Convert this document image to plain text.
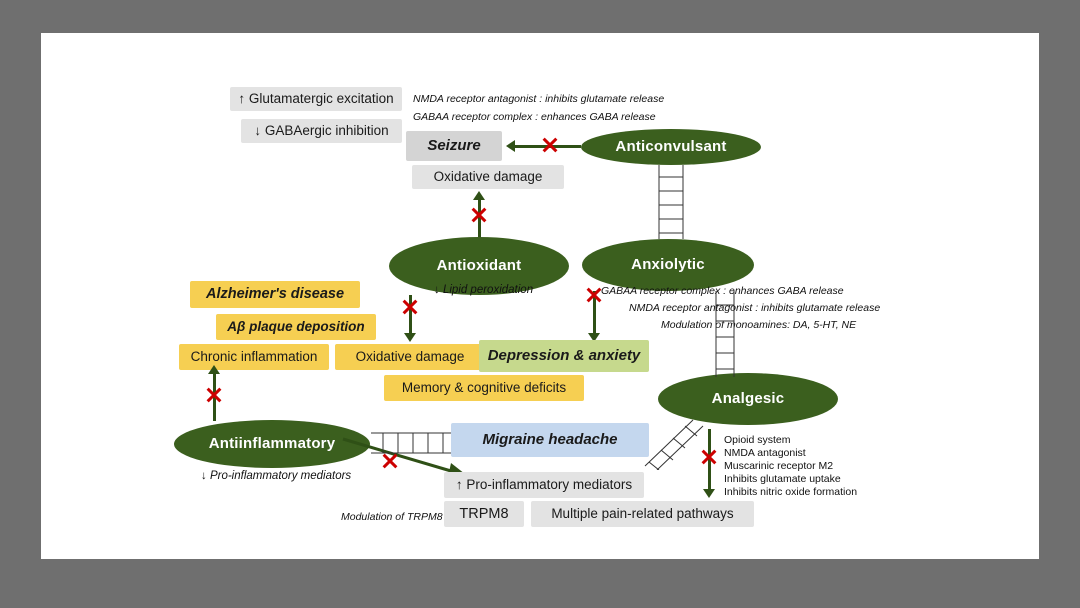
↑ Glutamatergic excitation
↓ GABAergic inhibition
NMDA receptor antagonist : inhibits glutamate release
GABAA receptor complex : enhances GABA release
Seizure	Anticonvulsant
Oxidative damage
Antioxidant	Anxiolytic
GABAA receptor complex : enhances GABA release
NMDA receptor antagonist : inhibits glutamate release
Modulation of monoamines: DA, 5-HT, NE
↓ Lipid peroxidation
Alzheimer's disease
Aβ plaque deposition
Chronic inflammation	Oxidative damage	Depression & anxiety
Memory & cognitive deficits
Antiinflammatory
↓ Pro-inflammatory mediators
Migraine headache
↑ Pro-inflammatory mediators
Modulation of TRPM8	TRPM8	Multiple pain-related pathways
Analgesic
Opioid system
NMDA antagonist
Muscarinic receptor M2
Inhibits glutamate uptake
Inhibits nitric oxide formation
